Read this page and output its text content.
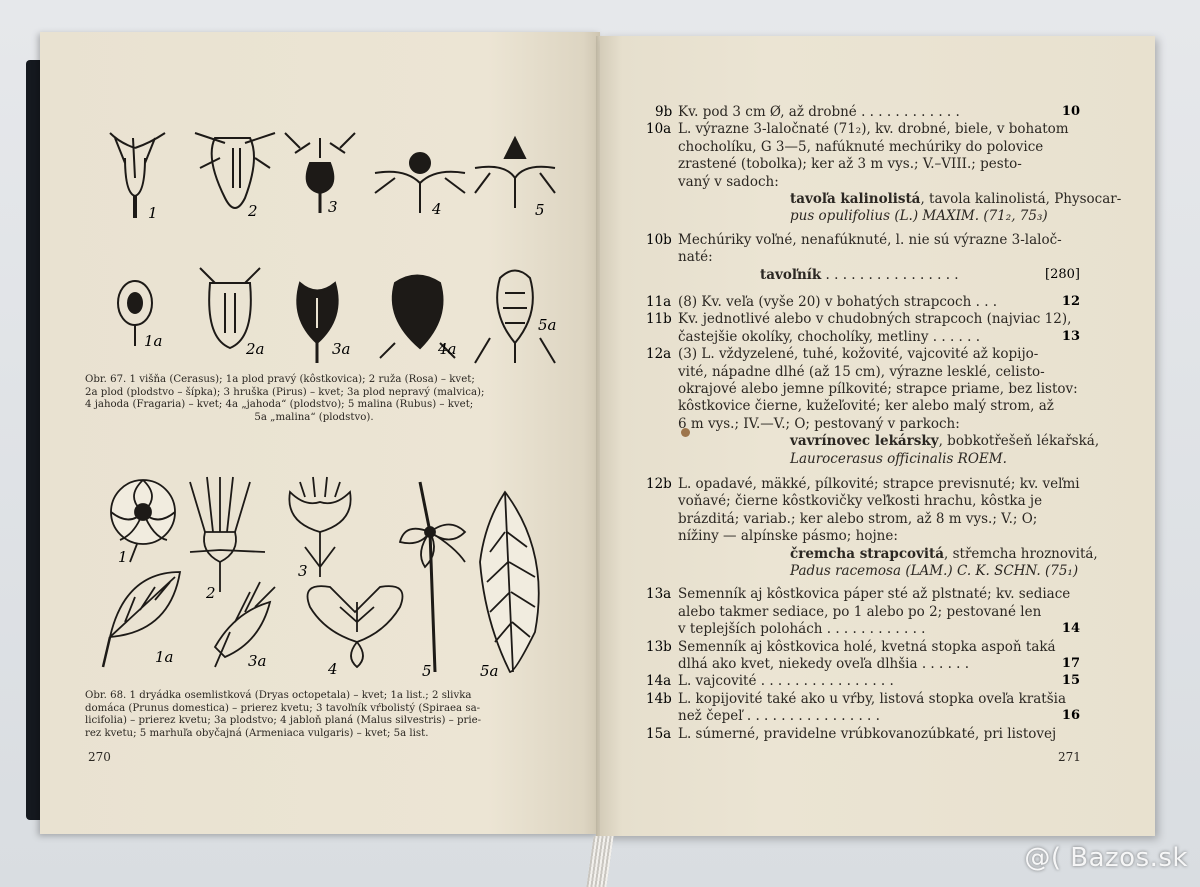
1	2	3	4	5
1a	2a	3a	4a
5a
Obr. 67. 1 višňa (Cerasus); 1a plod pravý (kôstkovica); 2 ruža (Rosa) – kvet;
2a plod (plodstvo – šípka); 3 hruška (Pirus) – kvet; 3a plod nepravý (malvica);
4 jahoda (Fragaria) – kvet; 4a „jahoda“ (plodstvo); 5 malina (Rubus) – kvet;
5a „malina“ (plodstvo).
1
2
3
4	5
1a	3a
5a
Obr. 68. 1 dryádka osemlistková (Dryas octopetala) – kvet; 1a list.; 2 slivka
domáca (Prunus domestica) – prierez kvetu; 3 tavoľník vŕbolistý (Spiraea sa-
licifolia) – prierez kvetu; 3a plodstvo; 4 jabloň planá (Malus silvestris) – prie-
rez kvetu; 5 marhuľa obyčajná (Armeniaca vulgaris) – kvet; 5a list.
270
9b Kv. pod 3 cm Ø, až drobné . . . . . . . . . . . .	10
10a L. výrazne 3-laločnaté (71₂), kv. drobné, biele, v bohatom
chocholíku, G 3—5, nafúknuté mechúriky do polovice
zrastené (tobolka); ker až 3 m vys.; V.–VIII.; pesto-
vaný v sadoch:
tavoľa kalinolistá, tavola kalinolistá, Physocar-
pus opulifolius (L.) MAXIM. (71₂, 75₃)
10b Mechúriky voľné, nenafúknuté, l. nie sú výrazne 3-laloč-
naté:
tavoľník . . . . . . . . . . . . . . . .	[280]
11a (8) Kv. veľa (vyše 20) v bohatých strapcoch . . .	12
11b Kv. jednotlivé alebo v chudobných strapcoch (najviac 12),
častejšie okolíky, chocholíky, metliny . . . . . .	13
12a (3) L. vždyzelené, tuhé, kožovité, vajcovité až kopijo-
vité, nápadne dlhé (až 15 cm), výrazne lesklé, celisto-
okrajové alebo jemne pílkovité; strapce priame, bez listov:
kôstkovice čierne, kužeľovité; ker alebo malý strom, až
6 m vys.; IV.—V.; O; pestovaný v parkoch:
vavrínovec lekársky, bobkotřešeň lékařská,
Laurocerasus officinalis ROEM.
12b L. opadavé, mäkké, pílkovité; strapce previsnuté; kv. veľmi
voňavé; čierne kôstkovičky veľkosti hrachu, kôstka je
brázditá; variab.; ker alebo strom, až 8 m vys.; V.; O;
nížiny — alpínske pásmo; hojne:
čremcha strapcovitá, střemcha hroznovitá,
Padus racemosa (LAM.) C. K. SCHN. (75₁)
13a Semenník aj kôstkovica páper sté až plstnaté; kv. sediace
alebo takmer sediace, po 1 alebo po 2; pestované len
v teplejších polohách . . . . . . . . . . . .	14
13b Semenník aj kôstkovica holé, kvetná stopka aspoň taká
dlhá ako kvet, niekedy oveľa dlhšia . . . . . .	17
14a L. vajcovité . . . . . . . . . . . . . . . .	15
14b L. kopijovité také ako u vŕby, listová stopka oveľa kratšia
než čepeľ . . . . . . . . . . . . . . . .	16
15a L. súmerné, pravidelne vrúbkovanozúbkaté, pri listovej
271
@( Bazos.sk
